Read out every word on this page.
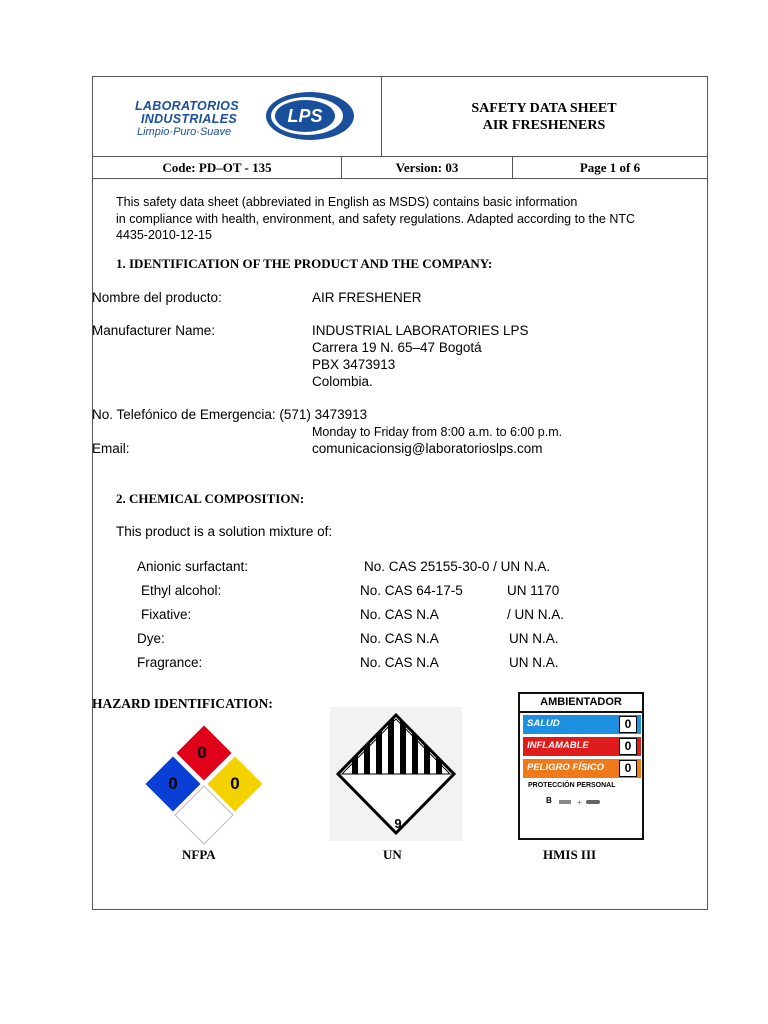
LABORATORIOS
INDUSTRIALES
Limpio·Puro·Suave
LPS	SAFETY DATA SHEET
AIR FRESHENERS
Code: PD–OT - 135	Version: 03	Page 1 of 6
This safety data sheet (abbreviated in English as MSDS) contains basic information
in compliance with health, environment, and safety regulations. Adapted according to the NTC
4435-2010-12-15
1. IDENTIFICATION OF THE PRODUCT AND THE COMPANY:
Nombre del producto:	AIR FRESHENER
Manufacturer Name:	INDUSTRIAL LABORATORIES LPS
Carrera 19 N. 65–47 Bogotá
PBX 3473913
Colombia.
No. Telefónico de Emergencia: (571) 3473913
Monday to Friday from 8:00 a.m. to 6:00 p.m.
Email:	comunicacionsig@laboratorioslps.com
2. CHEMICAL COMPOSITION:
This product is a solution mixture of:
Anionic surfactant:	No. CAS 25155-30-0 / UN N.A.
Ethyl alcohol:	No. CAS 64-17-5	UN 1170
Fixative:	No. CAS N.A	/ UN N.A.
Dye:	No. CAS N.A	UN N.A.
Fragrance:	No. CAS N.A	UN N.A.
HAZARD IDENTIFICATION:
0
0	0
NFPA
9
UN
AMBIENTADOR
SALUD	0
INFLAMABLE	0
PELIGRO FÍSICO	0
PROTECCIÓN PERSONAL
B	+
HMIS III
